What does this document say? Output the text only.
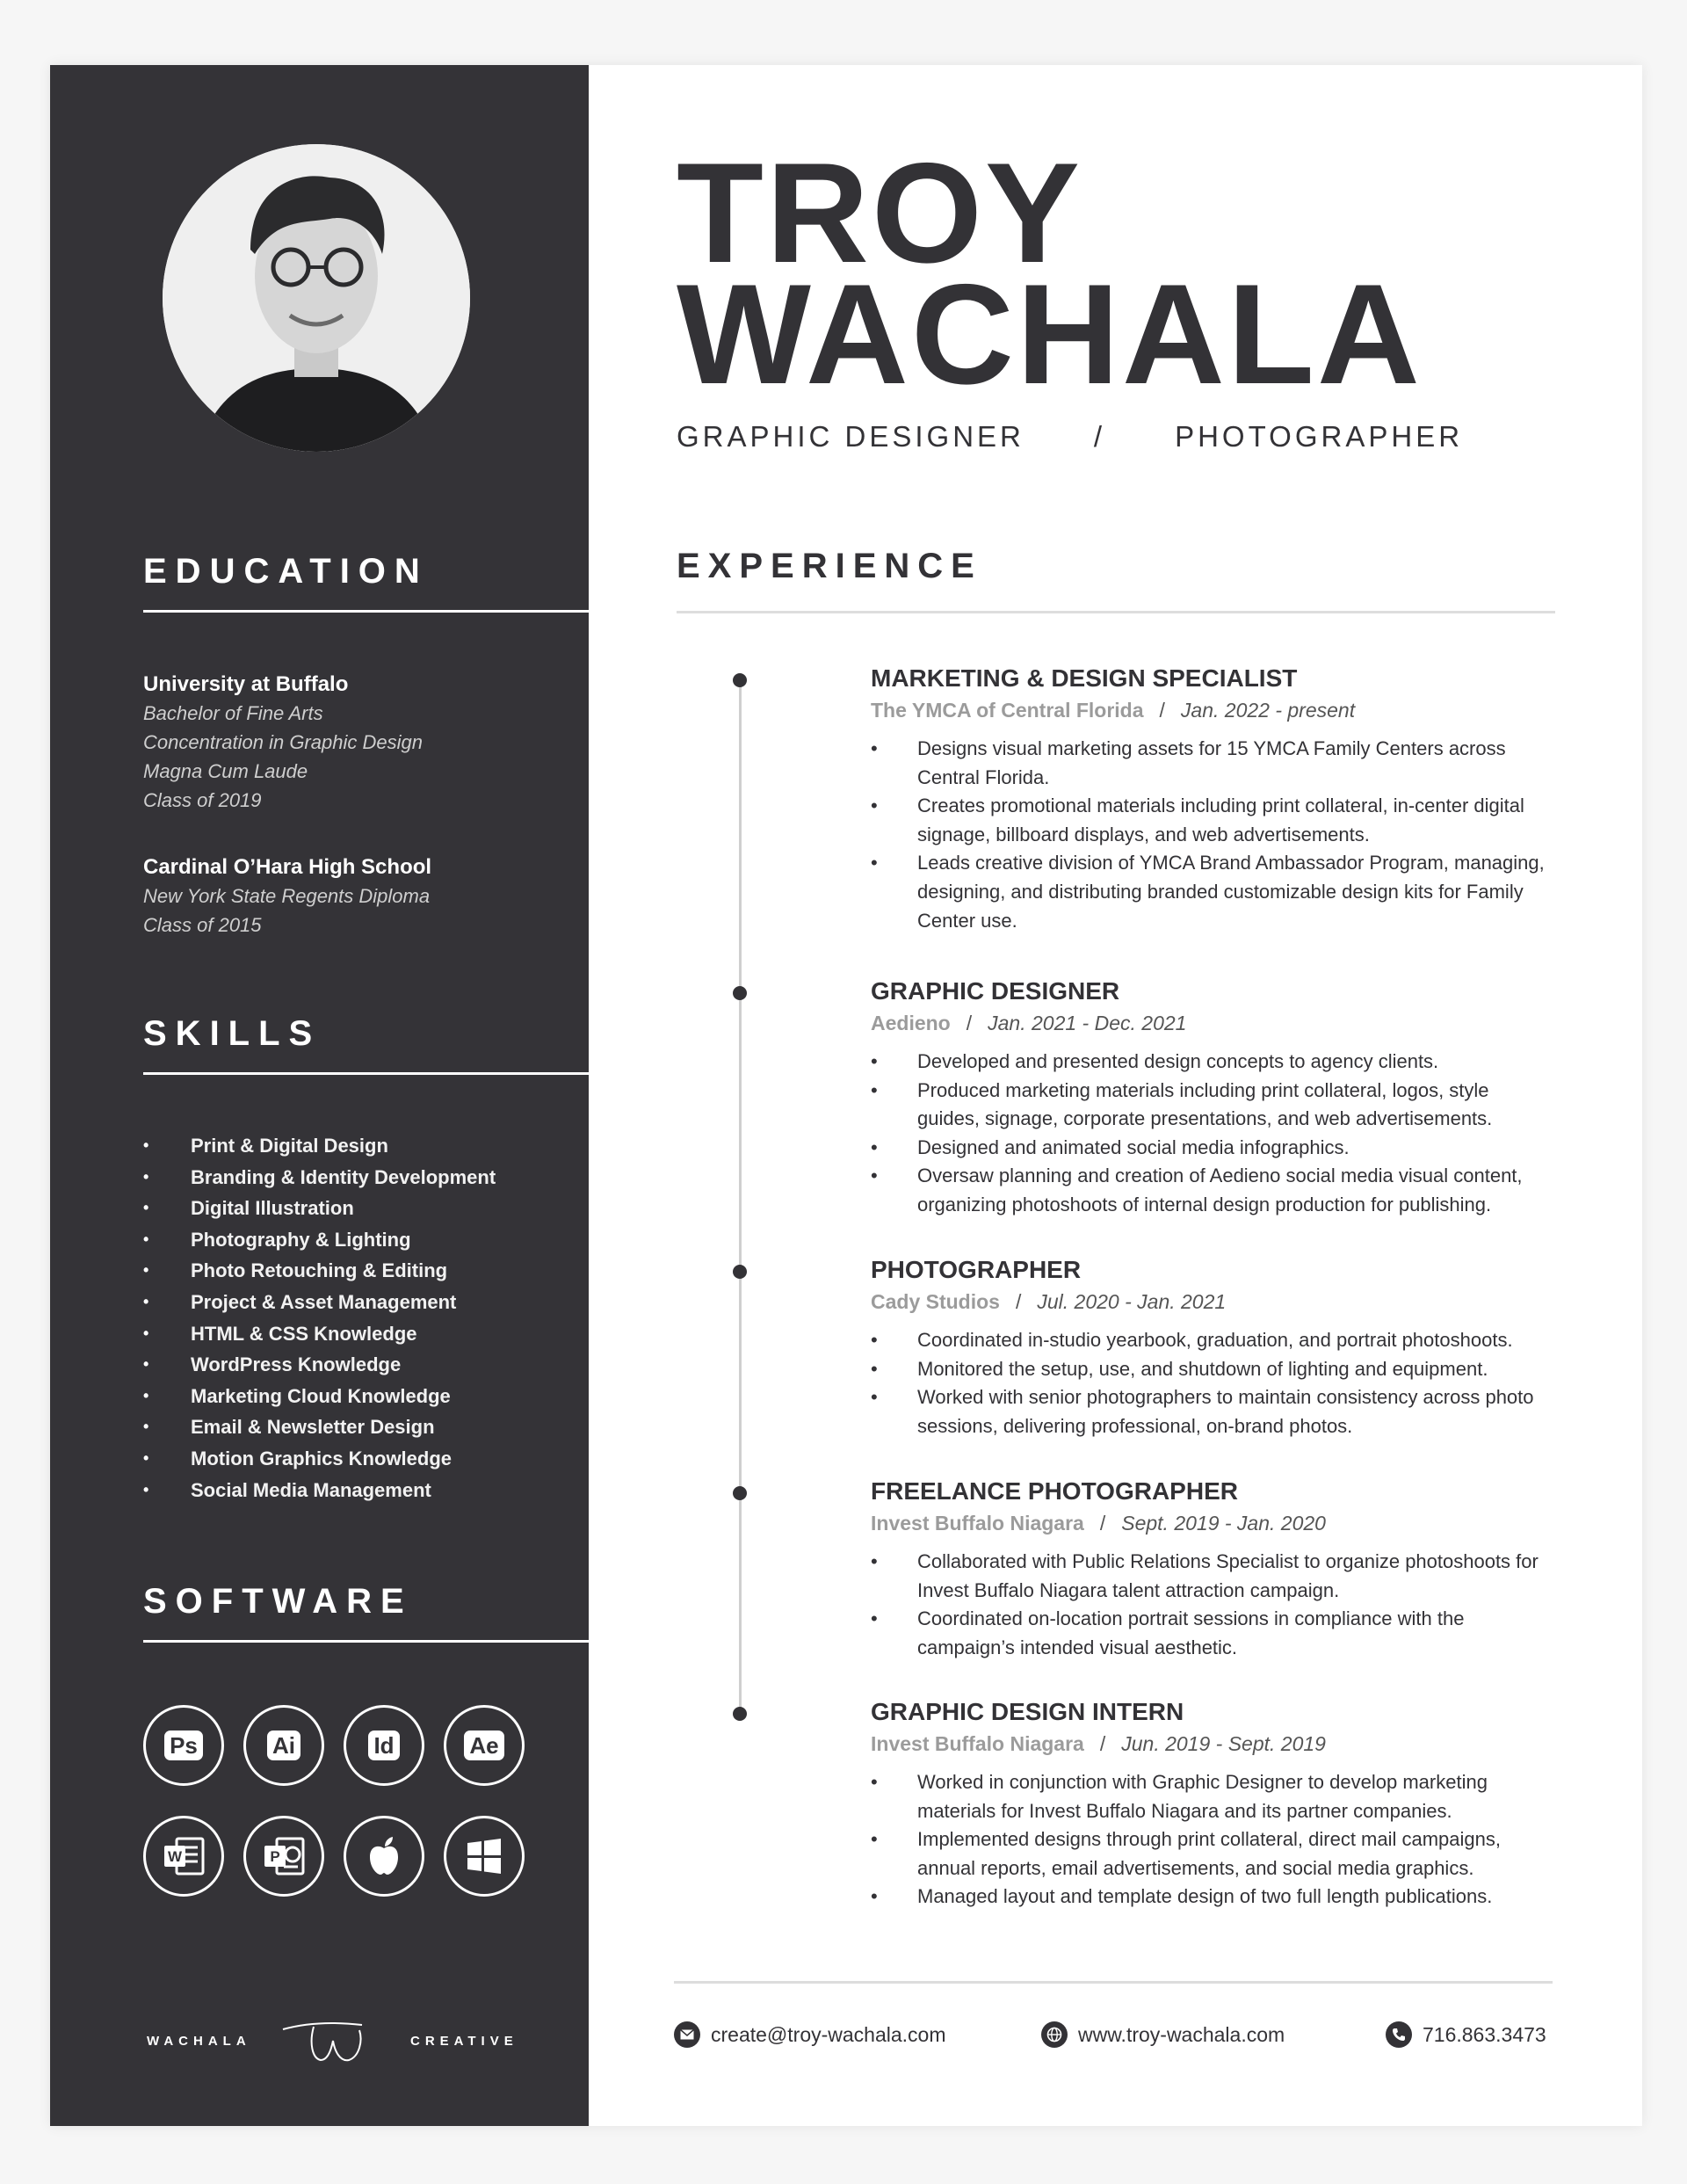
EDUCATION
University at Buffalo
Bachelor of Fine Arts
Concentration in Graphic Design
Magna Cum Laude
Class of 2019
Cardinal O’Hara High School
New York State Regents Diploma
Class of 2015
SKILLS
• Print & Digital Design
• Branding & Identity Development
• Digital Illustration
• Photography & Lighting
• Photo Retouching & Editing
• Project & Asset Management
• HTML & CSS Knowledge
• WordPress Knowledge
• Marketing Cloud Knowledge
• Email & Newsletter Design
• Motion Graphics Knowledge
• Social Media Management
SOFTWARE
Ps	Ai	Id	Ae
W	P
WACHALA	CREATIVE
TROY
WACHALA
GRAPHIC DESIGNER / PHOTOGRAPHER
EXPERIENCE
MARKETING & DESIGN SPECIALIST
The YMCA of Central Florida / Jan. 2022 - present
• Designs visual marketing assets for 15 YMCA Family Centers across Central Florida.
• Creates promotional materials including print collateral, in-center digital signage, billboard displays, and web advertisements.
• Leads creative division of YMCA Brand Ambassador Program, managing, designing, and distributing branded customizable design kits for Family Center use.
GRAPHIC DESIGNER
Aedieno / Jan. 2021 - Dec. 2021
• Developed and presented design concepts to agency clients.
• Produced marketing materials including print collateral, logos, style guides, signage, corporate presentations, and web advertisements.
• Designed and animated social media infographics.
• Oversaw planning and creation of Aedieno social media visual content, organizing photoshoots of internal design production for publishing.
PHOTOGRAPHER
Cady Studios / Jul. 2020 - Jan. 2021
• Coordinated in-studio yearbook, graduation, and portrait photoshoots.
• Monitored the setup, use, and shutdown of lighting and equipment.
• Worked with senior photographers to maintain consistency across photo sessions, delivering professional, on-brand photos.
FREELANCE PHOTOGRAPHER
Invest Buffalo Niagara / Sept. 2019 - Jan. 2020
• Collaborated with Public Relations Specialist to organize photoshoots for Invest Buffalo Niagara talent attraction campaign.
• Coordinated on-location portrait sessions in compliance with the campaign’s intended visual aesthetic.
GRAPHIC DESIGN INTERN
Invest Buffalo Niagara / Jun. 2019 - Sept. 2019
• Worked in conjunction with Graphic Designer to develop marketing materials for Invest Buffalo Niagara and its partner companies.
• Implemented designs through print collateral, direct mail campaigns, annual reports, email advertisements, and social media graphics.
• Managed layout and template design of two full length publications.
create@troy-wachala.com	www.troy-wachala.com	716.863.3473
